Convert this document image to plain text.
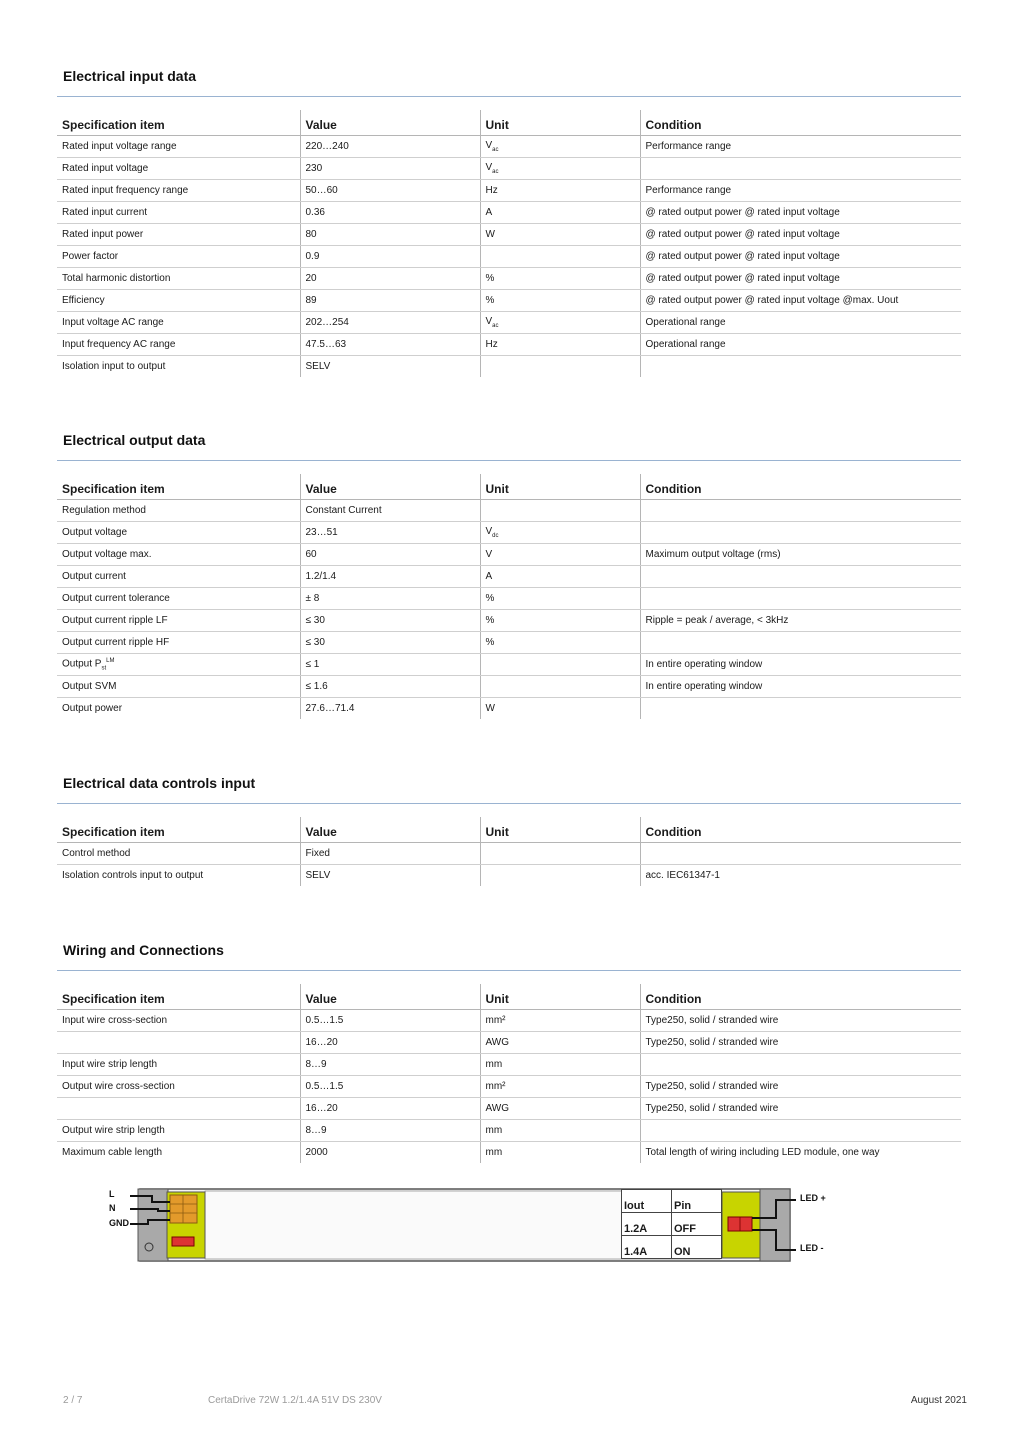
Electrical input data
Specification item	Value	Unit	Condition
Rated input voltage range	220…240	$V_{ac}$	Performance range
Rated input voltage	230	$V_{ac}$	
Rated input frequency range	50…60	Hz	Performance range
Rated input current	0.36	A	@ rated output power @ rated input voltage
Rated input power	80	W	@ rated output power @ rated input voltage
Power factor	0.9		@ rated output power @ rated input voltage
Total harmonic distortion	20	%	@ rated output power @ rated input voltage
Efficiency	89	%	@ rated output power @ rated input voltage @max. Uout
Input voltage AC range	202…254	$V_{ac}$	Operational range
Input frequency AC range	47.5…63	Hz	Operational range
Isolation input to output	SELV		
Electrical output data
Specification item	Value	Unit	Condition
Regulation method	Constant Current		
Output voltage	23…51	$V_{dc}$	
Output voltage max.	60	V	Maximum output voltage (rms)
Output current	1.2/1.4	A	
Output current tolerance	± 8	%	
Output current ripple LF	≤ 30	%	Ripple = peak / average, < 3kHz
Output current ripple HF	≤ 30	%	
Output $P_{st}^{LM}$	≤ 1		In entire operating window
Output SVM	≤ 1.6		In entire operating window
Output power	27.6…71.4	W	
Electrical data controls input
Specification item	Value	Unit	Condition
Control method	Fixed		
Isolation controls input to output	SELV		acc. IEC61347-1
Wiring and Connections
Specification item	Value	Unit	Condition
Input wire cross-section	0.5…1.5	mm²	Type250, solid / stranded wire
	16…20	AWG	Type250, solid / stranded wire
Input wire strip length	8…9	mm	
Output wire cross-section	0.5…1.5	mm²	Type250, solid / stranded wire
	16…20	AWG	Type250, solid / stranded wire
Output wire strip length	8…9	mm	
Maximum cable length	2000	mm	Total length of wiring including LED module, one way
L
N
GND
LED +
LED -
Iout	Pin
1.2A	OFF
1.4A	ON
2 / 7	CertaDrive 72W 1.2/1.4A 51V DS 230V	August 2021
